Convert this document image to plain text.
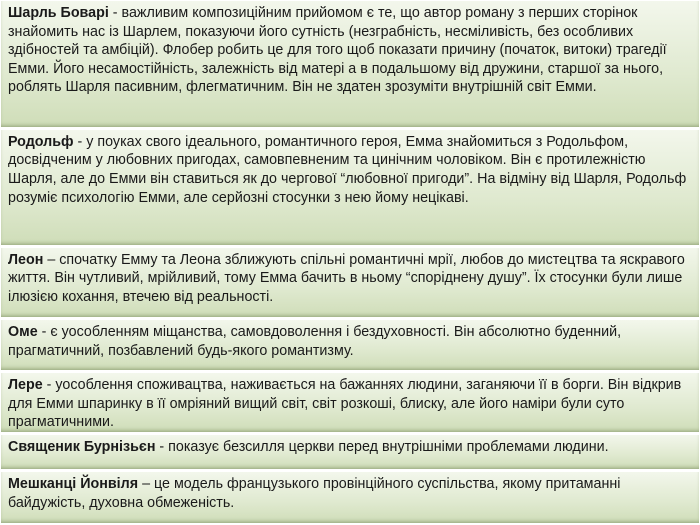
Шарль Боварі - важливим композиційним прийомом є те, що автор роману з перших сторінок знайомить нас із Шарлем, показуючи його сутність (незграбність, несміливість, без особливих здібностей та амбіцій). Флобер робить це для того щоб показати причину (початок, витоки) трагедії Емми. Його несамостійність, залежність від матері а в подальшому від дружини, старшої за нього, роблять Шарля пасивним, флегматичним. Він не здатен зрозуміти внутрішній світ Емми.
Родольф - у поуках свого ідеального, романтичного героя, Емма знайомиться з Родольфом, досвідченим у любовних пригодах, самовпевненим та цинічним чоловіком. Він є протилежністю Шарля, але до Емми він ставиться як до чергової “любовної пригоди”. На відміну від Шарля, Родольф розуміє психологію Емми, але серйозні стосунки з нею йому нецікаві.
Леон – спочатку Емму та Леона зближують спільні романтичні мрії, любов до мистецтва та яскравого життя. Він чутливий, мрійливий, тому Емма бачить в ньому “споріднену душу”. Їх стосунки були лише ілюзією кохання, втечею від реальності.
Оме - є уособленням міщанства, самовдоволення і бездуховності. Він абсолютно буденний, прагматичний, позбавлений будь-якого романтизму.
Лере - уособлення споживацтва, наживається на бажаннях людини, заганяючи її в борги. Він відкрив для Емми шпаринку в її омріяний вищий світ, світ розкоші, блиску, але його наміри були суто прагматичними.
Священик Бурнізьєн - показує безсилля церкви перед внутрішніми проблемами людини.
Мешканці Йонвіля – це модель французького провінційного суспільства, якому притаманні байдужість, духовна обмеженість.
